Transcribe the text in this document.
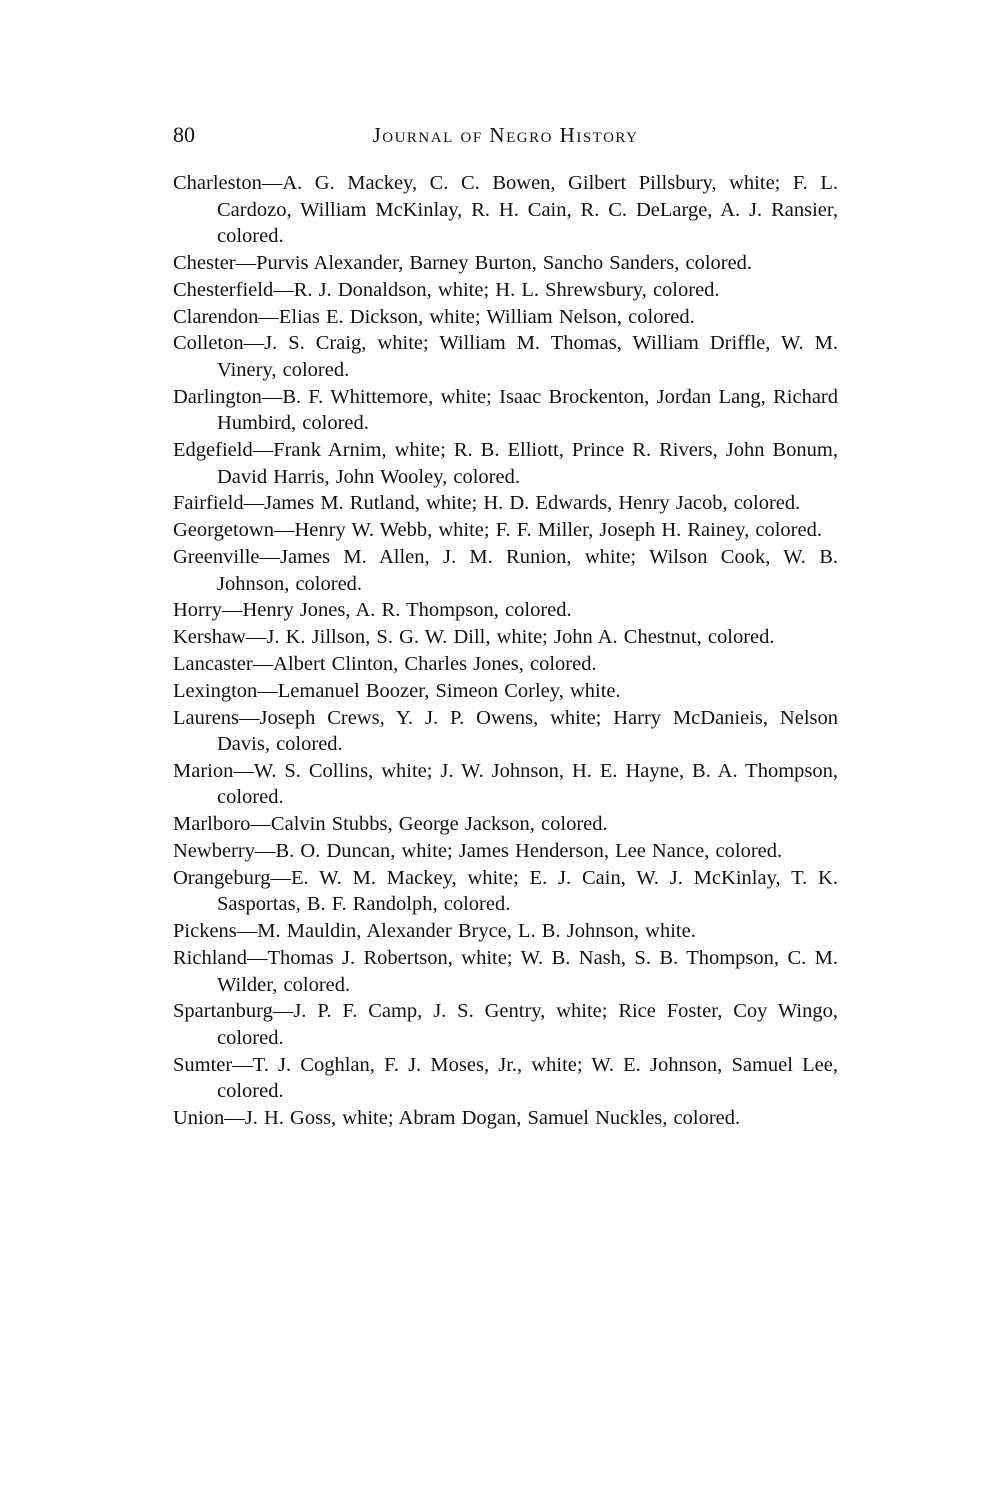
80	Journal of Negro History
Charleston—A. G. Mackey, C. C. Bowen, Gilbert Pillsbury, white; F. L. Cardozo, William McKinlay, R. H. Cain, R. C. DeLarge, A. J. Ransier, colored.
Chester—Purvis Alexander, Barney Burton, Sancho Sanders, colored.
Chesterfield—R. J. Donaldson, white; H. L. Shrewsbury, colored.
Clarendon—Elias E. Dickson, white; William Nelson, colored.
Colleton—J. S. Craig, white; William M. Thomas, William Driffle, W. M. Vinery, colored.
Darlington—B. F. Whittemore, white; Isaac Brockenton, Jordan Lang, Richard Humbird, colored.
Edgefield—Frank Arnim, white; R. B. Elliott, Prince R. Rivers, John Bonum, David Harris, John Wooley, colored.
Fairfield—James M. Rutland, white; H. D. Edwards, Henry Jacob, colored.
Georgetown—Henry W. Webb, white; F. F. Miller, Joseph H. Rainey, colored.
Greenville—James M. Allen, J. M. Runion, white; Wilson Cook, W. B. Johnson, colored.
Horry—Henry Jones, A. R. Thompson, colored.
Kershaw—J. K. Jillson, S. G. W. Dill, white; John A. Chestnut, colored.
Lancaster—Albert Clinton, Charles Jones, colored.
Lexington—Lemanuel Boozer, Simeon Corley, white.
Laurens—Joseph Crews, Y. J. P. Owens, white; Harry McDanieis, Nelson Davis, colored.
Marion—W. S. Collins, white; J. W. Johnson, H. E. Hayne, B. A. Thompson, colored.
Marlboro—Calvin Stubbs, George Jackson, colored.
Newberry—B. O. Duncan, white; James Henderson, Lee Nance, colored.
Orangeburg—E. W. M. Mackey, white; E. J. Cain, W. J. McKinlay, T. K. Sasportas, B. F. Randolph, colored.
Pickens—M. Mauldin, Alexander Bryce, L. B. Johnson, white.
Richland—Thomas J. Robertson, white; W. B. Nash, S. B. Thompson, C. M. Wilder, colored.
Spartanburg—J. P. F. Camp, J. S. Gentry, white; Rice Foster, Coy Wingo, colored.
Sumter—T. J. Coghlan, F. J. Moses, Jr., white; W. E. Johnson, Samuel Lee, colored.
Union—J. H. Goss, white; Abram Dogan, Samuel Nuckles, colored.
